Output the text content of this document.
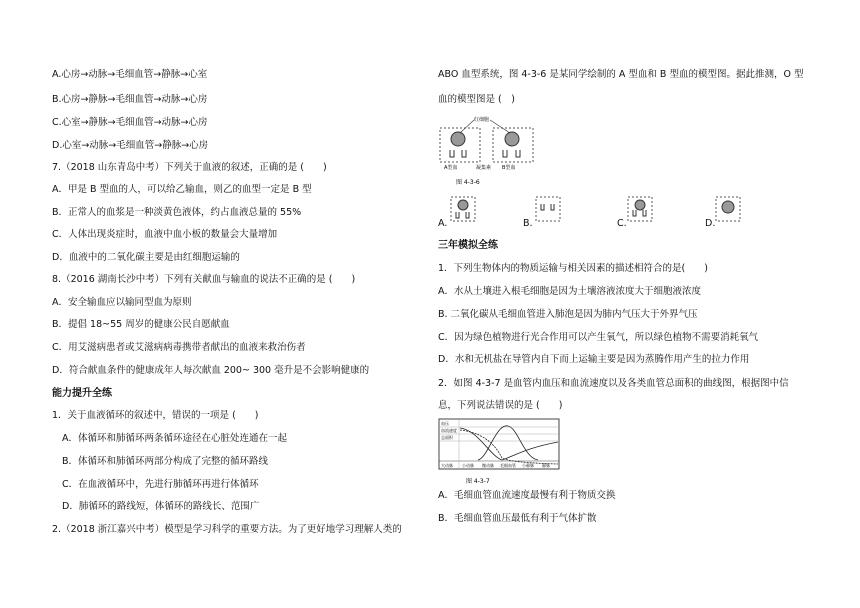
A.心房→动脉→毛细血管→静脉→心室
B.心房→静脉→毛细血管→动脉→心房
C.心室→静脉→毛细血管→动脉→心房
D.心室→动脉→毛细血管→静脉→心房
7.（2018 山东青岛中考）下列关于血液的叙述，正确的是 (　　)
A．甲是 B 型血的人，可以给乙输血，则乙的血型一定是 B 型
B．正常人的血浆是一种淡黄色液体，约占血液总量的 55%
C．人体出现炎症时，血液中血小板的数量会大量增加
D．血液中的二氧化碳主要是由红细胞运输的
8.（2016 湖南长沙中考）下列有关献血与输血的说法不正确的是 (　　)
A．安全输血应以输同型血为原则
B．提倡 18~55 周岁的健康公民自愿献血
C．用艾滋病患者或艾滋病病毒携带者献出的血液来救治伤者
D．符合献血条件的健康成年人每次献血 200~ 300 毫升是不会影响健康的
能力提升全练
1．关于血液循环的叙述中，错误的一项是 (　　)
A．体循环和肺循环两条循环途径在心脏处连通在一起
B．体循环和肺循环两部分构成了完整的循环路线
C．在血液循环中，先进行肺循环再进行体循环
D．肺循环的路线短，体循环的路线长、范围广
2.（2018 浙江嘉兴中考）模型是学习科学的重要方法。为了更好地学习理解人类的
ABO 血型系统，图 4-3-6 是某同学绘制的 A 型血和 B 型血的模型图。据此推测，O 型
血的模型图是 (　)
红细胞
A型血	凝集素 B型血
图 4-3-6
A.	B.	C.	D.
三年模拟全练
1．下列生物体内的物质运输与相关因素的描述相符合的是(　　)
A．水从土壤进入根毛细胞是因为土壤溶液浓度大于细胞液浓度
B. 二氧化碳从毛细血管进入肺泡是因为肺内气压大于外界气压
C．因为绿色植物进行光合作用可以产生氧气，所以绿色植物不需要消耗氧气
D．水和无机盐在导管内自下而上运输主要是因为蒸腾作用产生的拉力作用
2．如图 4-3-7 是血管内血压和血流速度以及各类血管总面积的曲线图，根据图中信
息，下列说法错误的是 (　　)
血压
血流速度
总面积
大动脉 小动脉 微动脉 毛细血管 小静脉 静脉
图 4-3-7
A．毛细血管血流速度最慢有利于物质交换
B．毛细血管血压最低有利于气体扩散
